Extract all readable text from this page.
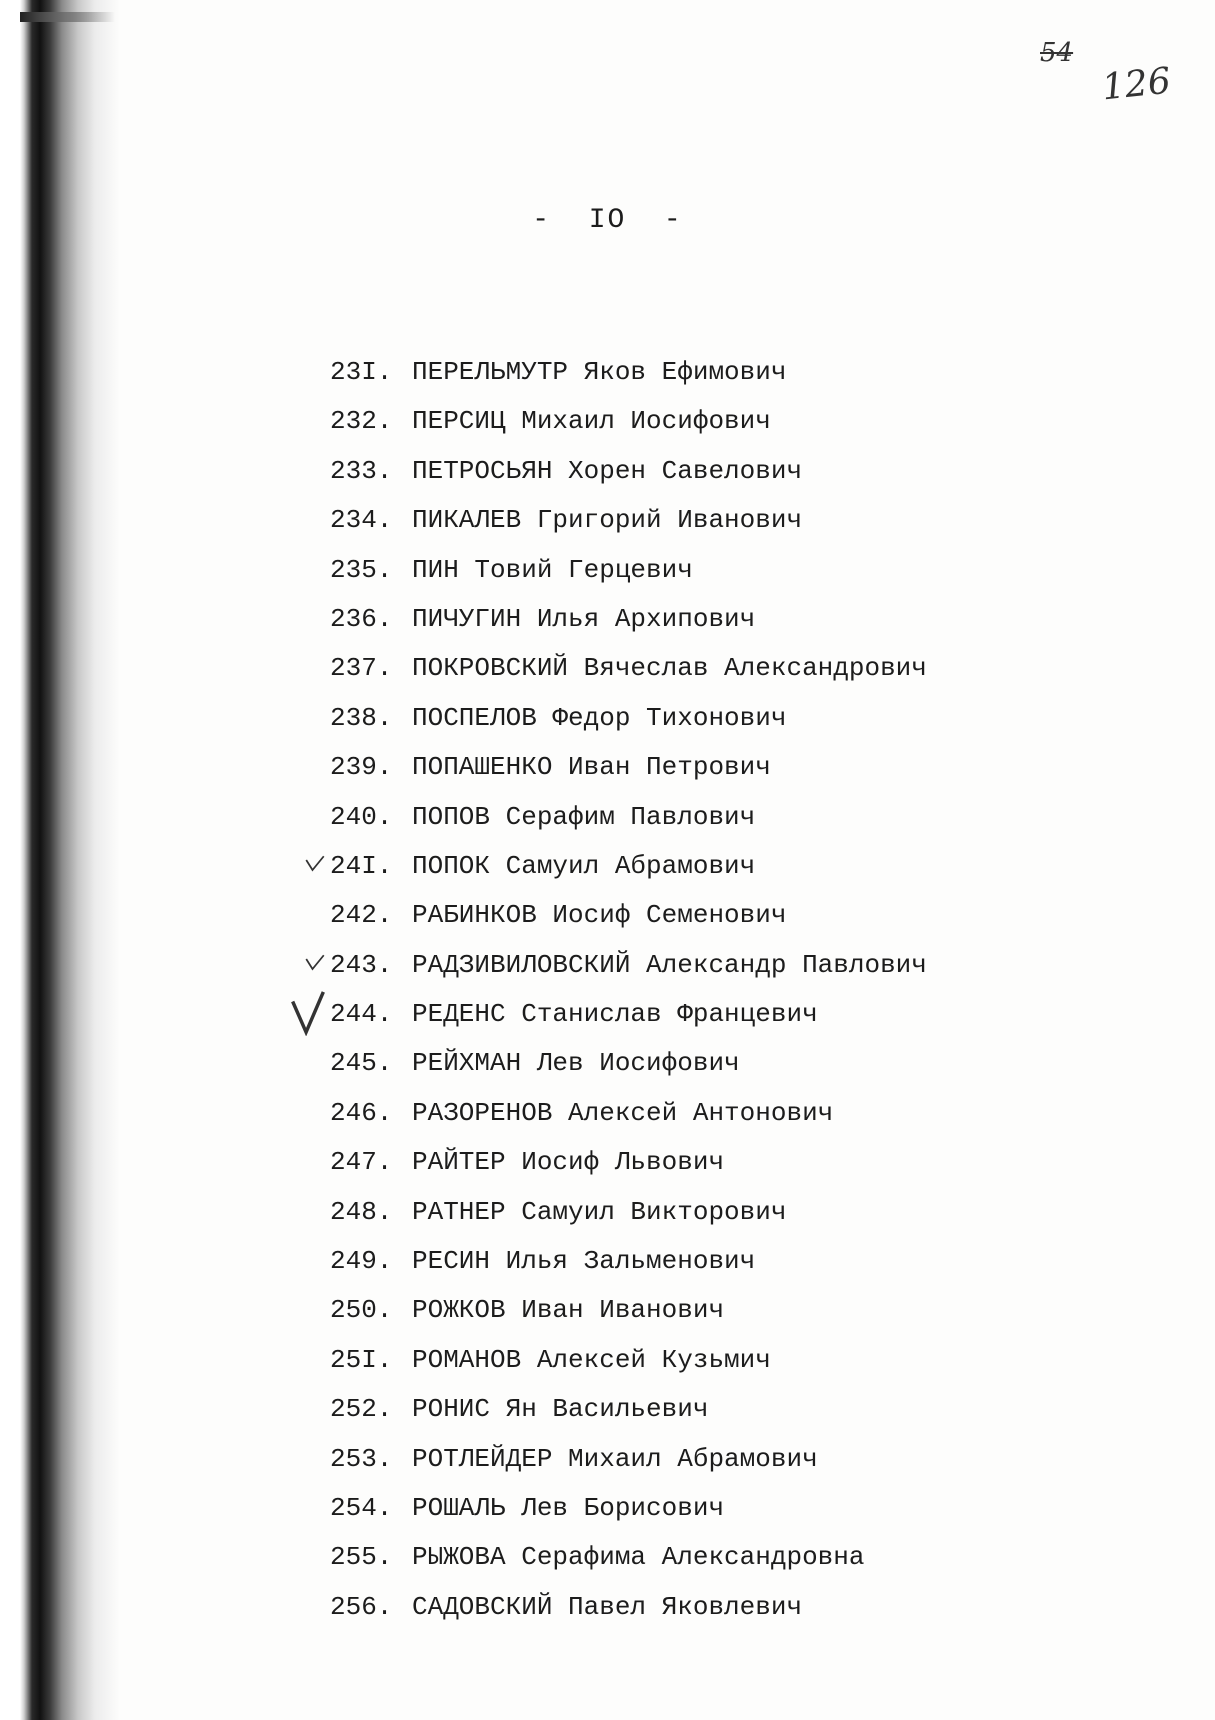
54
126
-  IO  -
23I. ПЕРЕЛЬМУТР Яков Ефимович
232. ПЕРСИЦ Михаил Иосифович
233. ПЕТРОСЬЯН Хорен Савелович
234. ПИКАЛЕВ Григорий Иванович
235. ПИН Товий Герцевич
236. ПИЧУГИН Илья Архипович
237. ПОКРОВСКИЙ Вячеслав Александрович
238. ПОСПЕЛОВ Федор Тихонович
239. ПОПАШЕНКО Иван Петрович
240. ПОПОВ Серафим Павлович
24I. ПОПОК Самуил Абрамович
242. РАБИНКОВ Иосиф Семенович
243. РАДЗИВИЛОВСКИЙ Александр Павлович
244. РЕДЕНС Станислав Францевич
245. РЕЙХМАН Лев Иосифович
246. РАЗОРЕНОВ Алексей Антонович
247. РАЙТЕР Иосиф Львович
248. РАТНЕР Самуил Викторович
249. РЕСИН Илья Зальменович
250. РОЖКОВ Иван Иванович
25I. РОМАНОВ Алексей Кузьмич
252. РОНИС Ян Васильевич
253. РОТЛЕЙДЕР Михаил Абрамович
254. РОШАЛЬ Лев Борисович
255. РЫЖОВА Серафима Александровна
256. САДОВСКИЙ Павел Яковлевич
